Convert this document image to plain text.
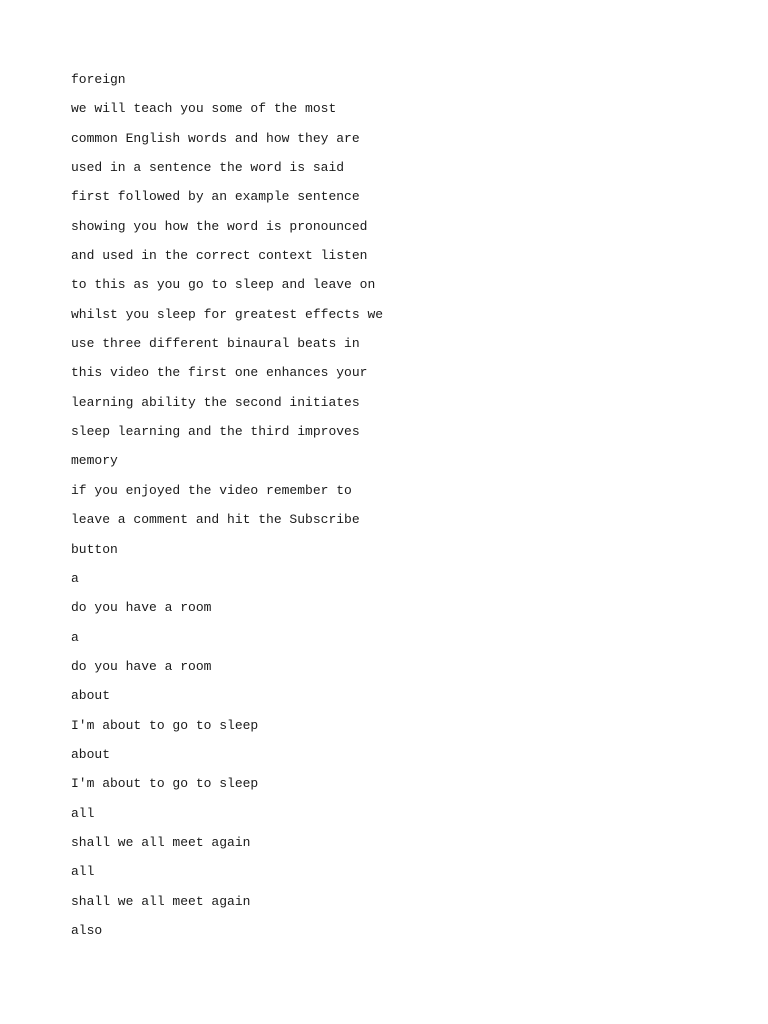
foreign
we will teach you some of the most
common English words and how they are
used in a sentence the word is said
first followed by an example sentence
showing you how the word is pronounced
and used in the correct context listen
to this as you go to sleep and leave on
whilst you sleep for greatest effects we
use three different binaural beats in
this video the first one enhances your
learning ability the second initiates
sleep learning and the third improves
memory
if you enjoyed the video remember to
leave a comment and hit the Subscribe
button
a
do you have a room
a
do you have a room
about
I'm about to go to sleep
about
I'm about to go to sleep
all
shall we all meet again
all
shall we all meet again
also
